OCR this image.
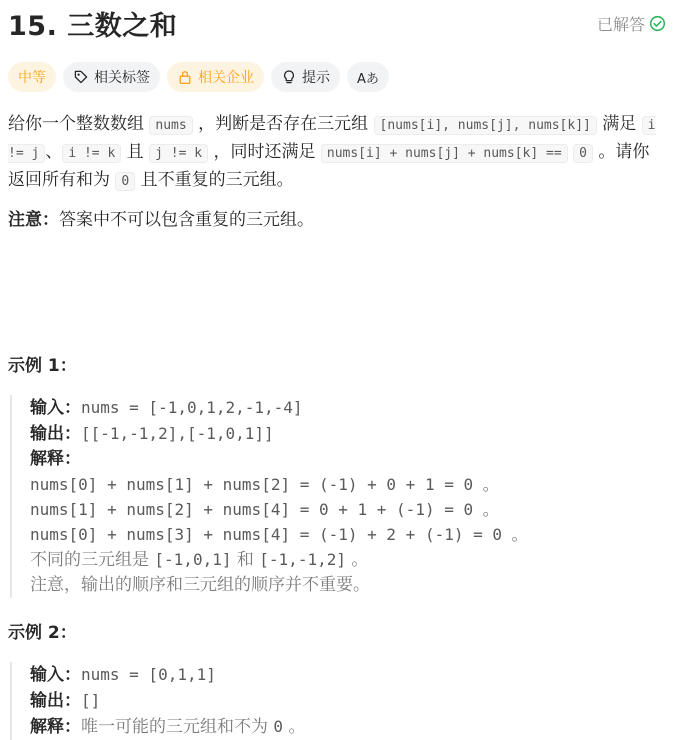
15. 三数之和	已解答
中等	相关标签	相关企业	提示 Aあ

给你一个整数数组 nums ，判断是否存在三元组 [nums[i], nums[j], nums[k]] 满足 i != j 、 i != k 且 j != k ，同时还满足 nums[i] + nums[j] + nums[k] == 0 。请你返回所有和为 0 且不重复的三元组。

注意：答案中不可以包含重复的三元组。

示例 1：
输入：nums = [-1,0,1,2,-1,-4]
输出：[[-1,-1,2],[-1,0,1]]
解释：
nums[0] + nums[1] + nums[2] = (-1) + 0 + 1 = 0 。
nums[1] + nums[2] + nums[4] = 0 + 1 + (-1) = 0 。
nums[0] + nums[3] + nums[4] = (-1) + 2 + (-1) = 0 。
不同的三元组是 [-1,0,1] 和 [-1,-1,2] 。
注意，输出的顺序和三元组的顺序并不重要。
示例 2：
输入：nums = [0,1,1]
输出：[]
解释：唯一可能的三元组和不为 0 。
